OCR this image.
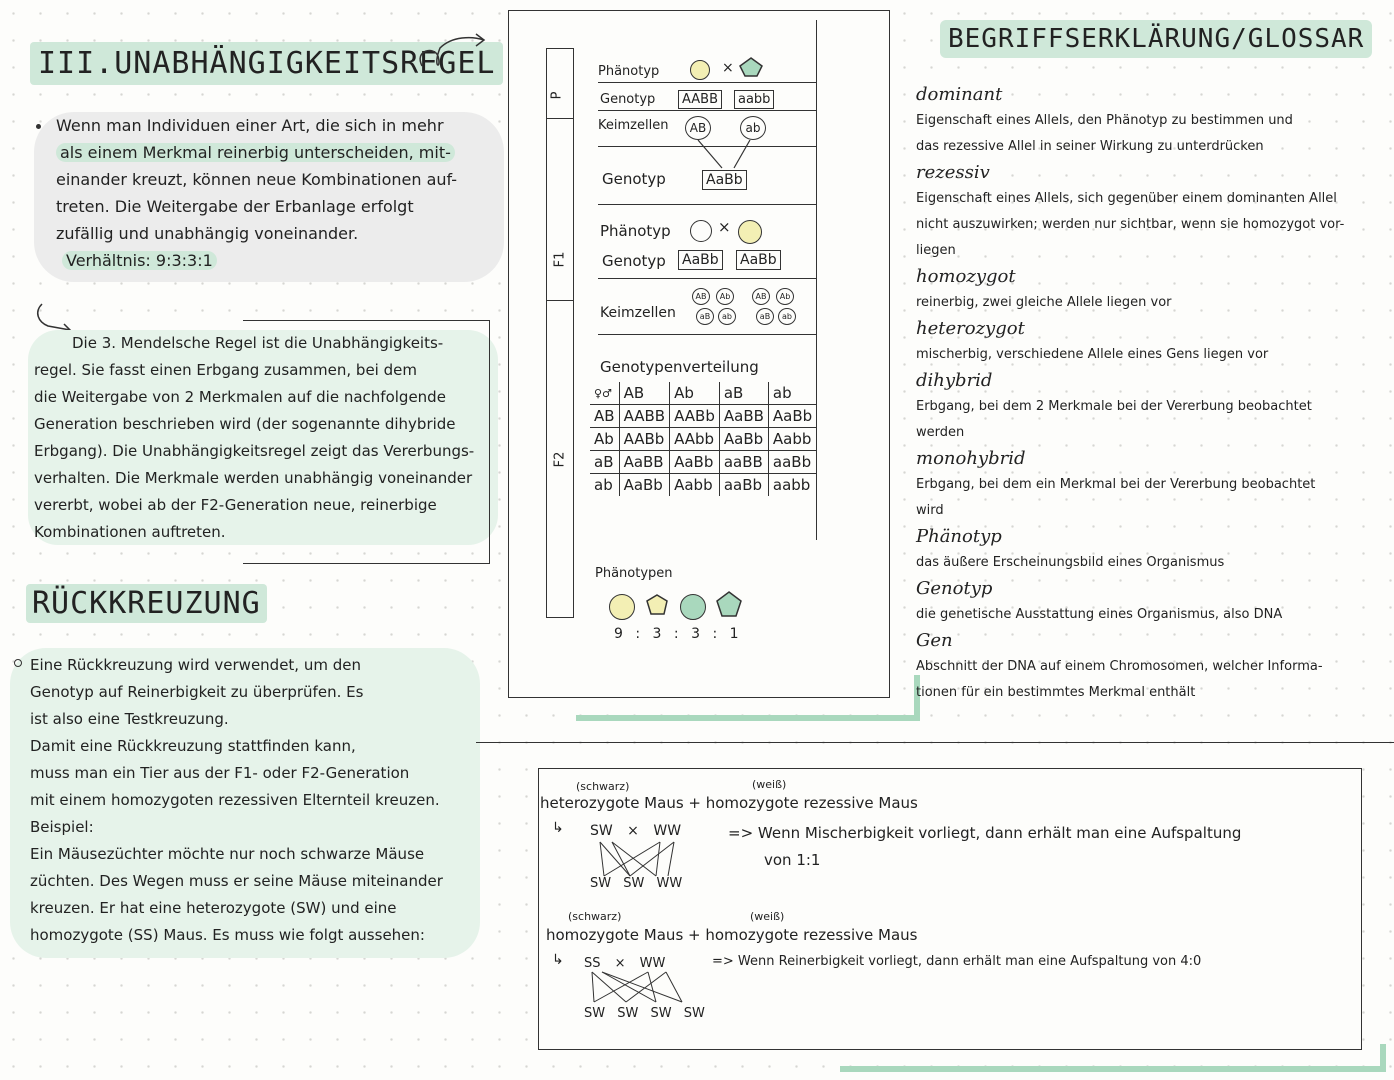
III.UNABHÄNGIGKEITSREGEL
Wenn man Individuen einer Art, die sich in mehr
als einem Merkmal reinerbig unterscheiden, mit-
einander kreuzt, können neue Kombinationen auf-
treten. Die Weitergabe der Erbanlage erfolgt
zufällig und unabhängig voneinander.
Verhältnis: 9:3:3:1
Die 3. Mendelsche Regel ist die Unabhängigkeits-
regel. Sie fasst einen Erbgang zusammen, bei dem
die Weitergabe von 2 Merkmalen auf die nachfolgende
Generation beschrieben wird (der sogenannte dihybride
Erbgang). Die Unabhängigkeitsregel zeigt das Vererbungs-
verhalten. Die Merkmale werden unabhängig voneinander
vererbt, wobei ab der F2-Generation neue, reinerbige
Kombinationen auftreten.
RÜCKKREUZUNG
Eine Rückkreuzung wird verwendet, um den
Genotyp auf Reinerbigkeit zu überprüfen. Es
ist also eine Testkreuzung.
Damit eine Rückkreuzung stattfinden kann,
muss man ein Tier aus der F1- oder F2-Generation
mit einem homozygoten rezessiven Elternteil kreuzen.
Beispiel:
Ein Mäusezüchter möchte nur noch schwarze Mäuse
züchten. Des Wegen muss er seine Mäuse miteinander
kreuzen. Er hat eine heterozygote (SW) und eine
homozygote (SS) Maus. Es muss wie folgt aussehen:
P
F1
F2
Phänotyp	×
Genotyp	AABB	aabb
Keimzellen	AB	ab
Genotyp	AaBb
Phänotyp	×
Genotyp AaBb AaBb
Keimzellen
AB	Ab
aB	ab
AB	Ab
aB	ab
Genotypenverteilung
♀♂	AB	Ab	aB	ab
AB	AABB	AABb	AaBB	AaBb
Ab	AABb	AAbb	AaBb	Aabb
aB	AaBB	AaBb	aaBB	aaBb
ab	AaBb	Aabb	aaBb	aabb
Phänotypen
9 : 3 : 3 : 1
BEGRIFFSERKLÄRUNG/GLOSSAR
dominant
Eigenschaft eines Allels, den Phänotyp zu bestimmen und
das rezessive Allel in seiner Wirkung zu unterdrücken
rezessiv
Eigenschaft eines Allels, sich gegenüber einem dominanten Allel
nicht auszuwirken; werden nur sichtbar, wenn sie homozygot vor-
liegen
homozygot
reinerbig, zwei gleiche Allele liegen vor
heterozygot
mischerbig, verschiedene Allele eines Gens liegen vor
dihybrid
Erbgang, bei dem 2 Merkmale bei der Vererbung beobachtet
werden
monohybrid
Erbgang, bei dem ein Merkmal bei der Vererbung beobachtet
wird
Phänotyp
das äußere Erscheinungsbild eines Organismus
Genotyp
die genetische Ausstattung eines Organismus, also DNA
Gen
Abschnitt der DNA auf einem Chromosomen, welcher Informa-
tionen für ein bestimmtes Merkmal enthält
(schwarz)	(weiß)
heterozygote Maus + homozygote rezessive Maus
↳ SW × WW
SW SW WW
=> Wenn Mischerbigkeit vorliegt, dann erhält man eine Aufspaltung
von 1:1
(schwarz)	(weiß)
homozygote Maus + homozygote rezessive Maus
↳ SS × WW
SW SW SW SW
=> Wenn Reinerbigkeit vorliegt, dann erhält man eine Aufspaltung von 4:0
